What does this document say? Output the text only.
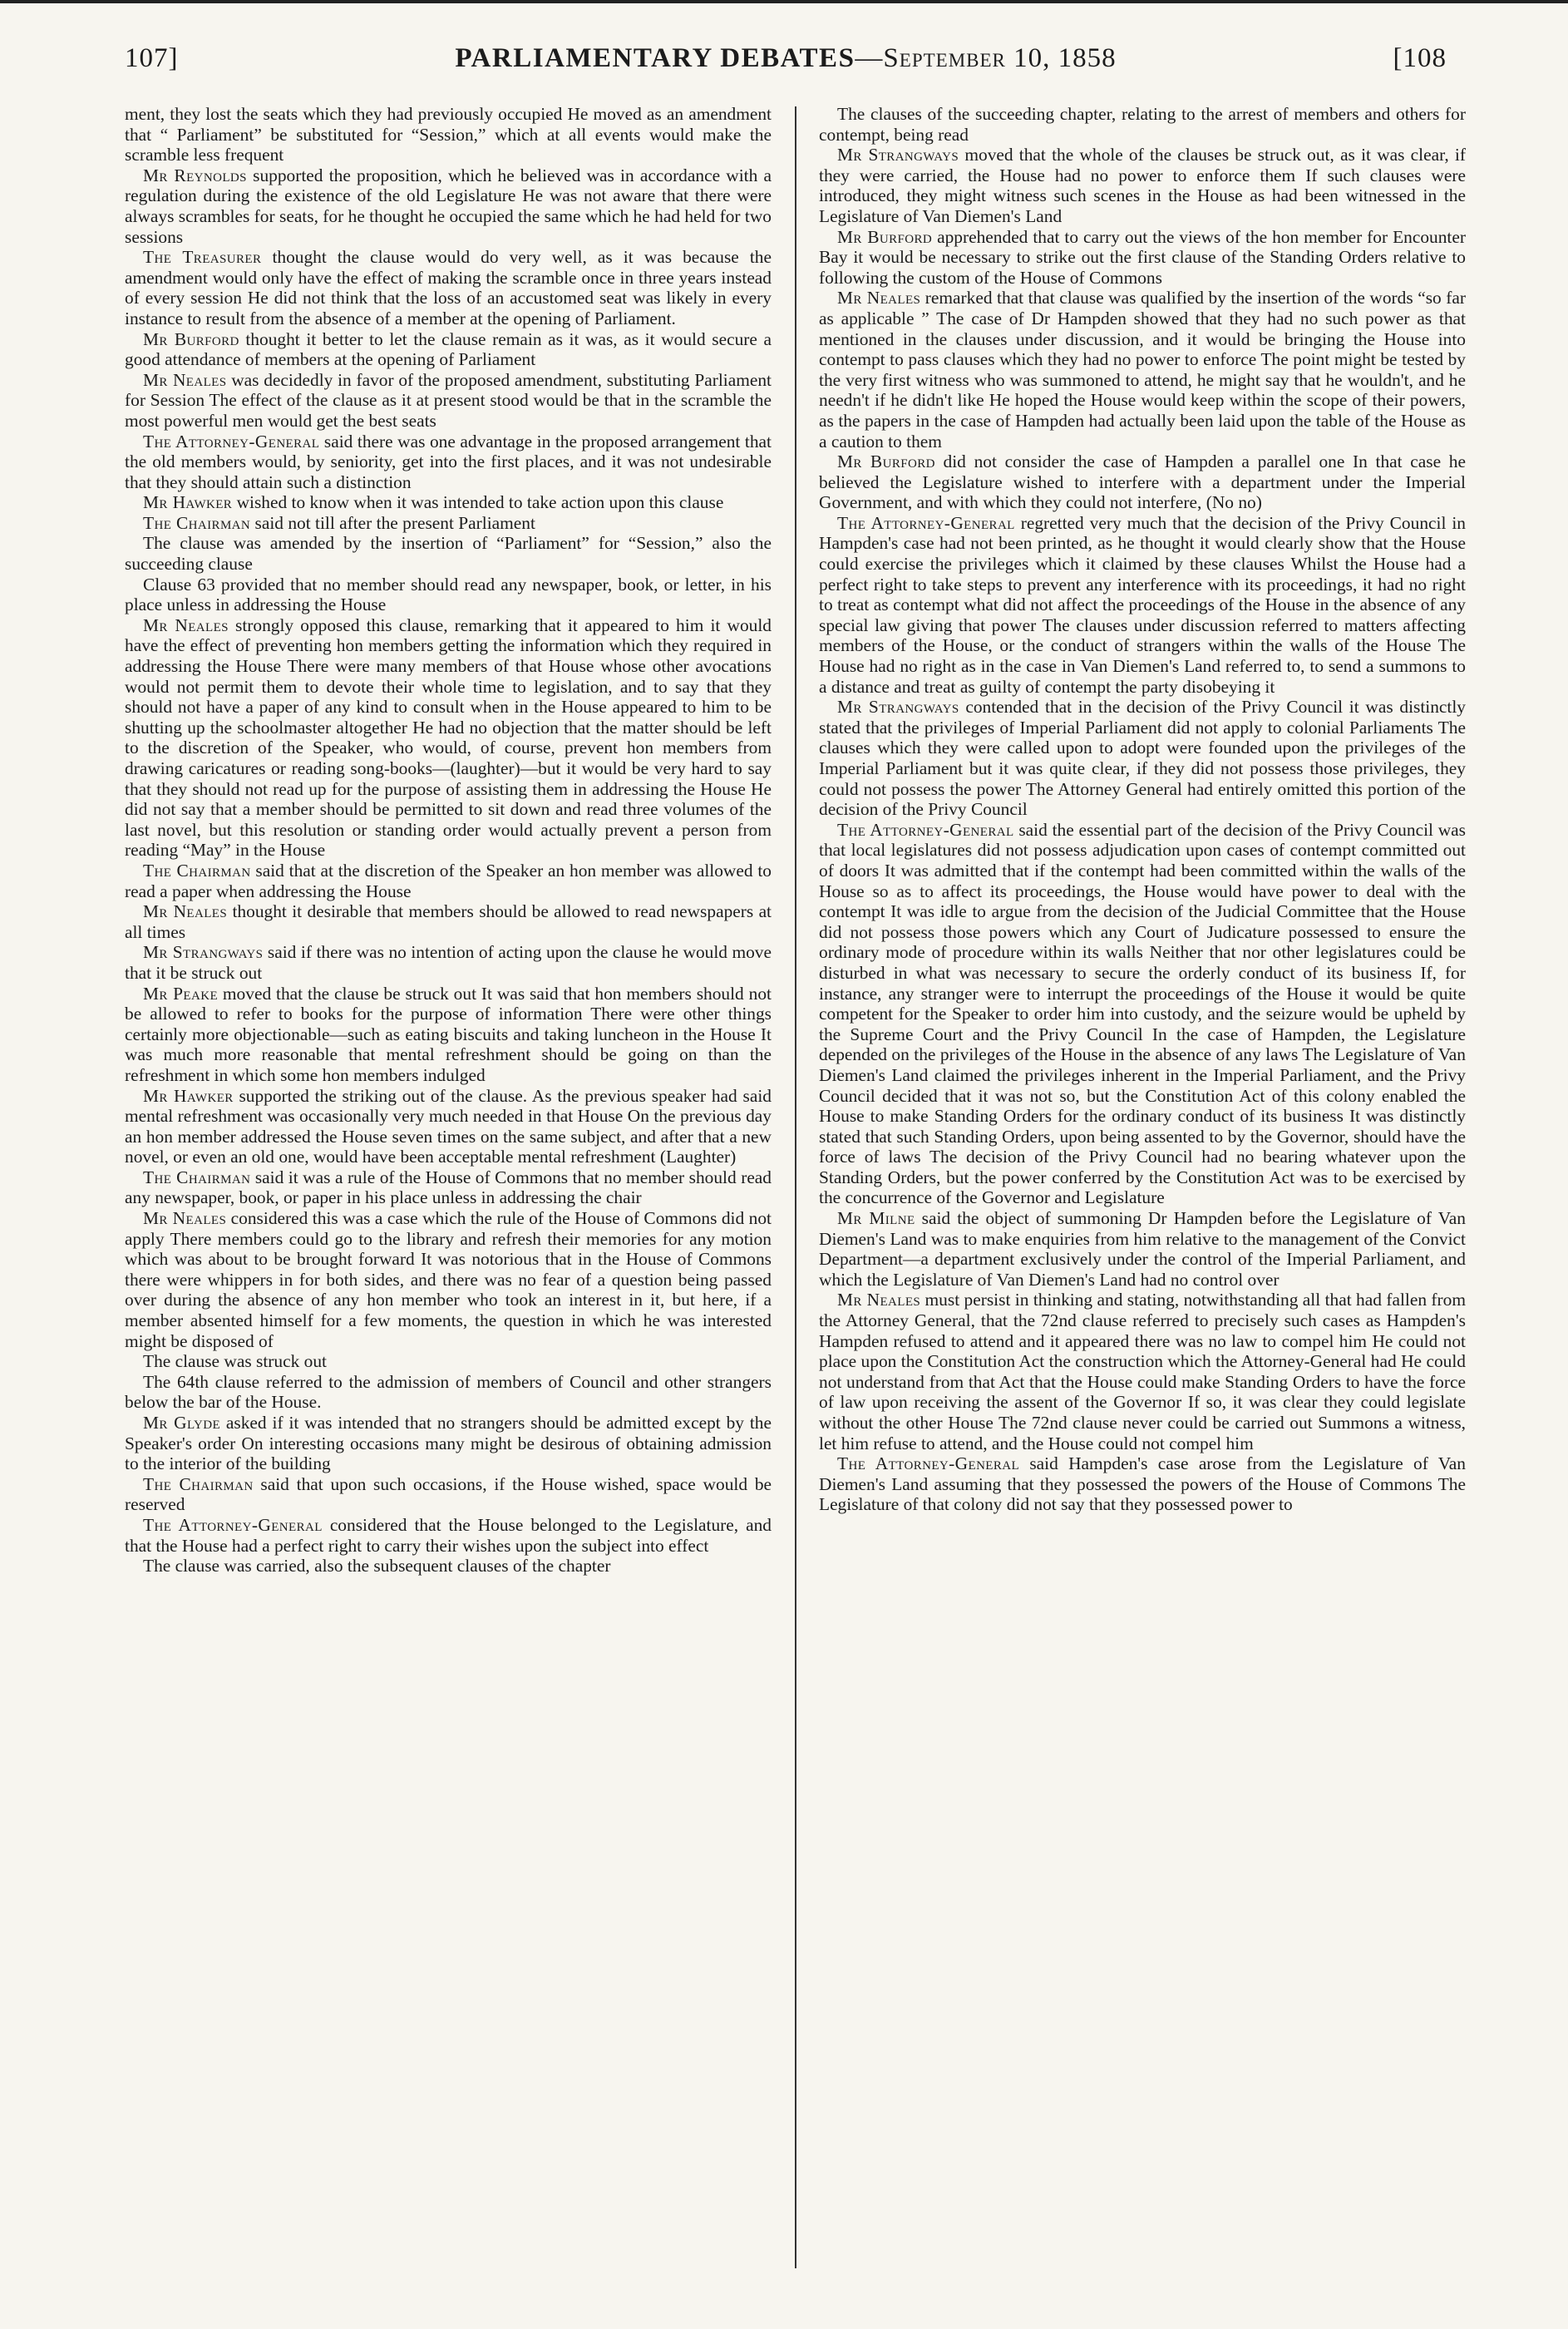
107]	PARLIAMENTARY DEBATES—September 10, 1858	[108

ment, they lost the seats which they had previously occupied He moved as an amendment that “ Parliament” be substituted for “Session,” which at all events would make the scramble less frequent

Mr Reynolds supported the proposition, which he believed was in accordance with a regulation during the existence of the old Legislature He was not aware that there were always scrambles for seats, for he thought he occupied the same which he had held for two sessions

The Treasurer thought the clause would do very well, as it was because the amendment would only have the effect of making the scramble once in three years instead of every session He did not think that the loss of an accustomed seat was likely in every instance to result from the absence of a member at the opening of Parliament.

Mr Burford thought it better to let the clause remain as it was, as it would secure a good attendance of members at the opening of Parliament

Mr Neales was decidedly in favor of the proposed amendment, substituting Parliament for Session The effect of the clause as it at present stood would be that in the scramble the most powerful men would get the best seats

The Attorney-General said there was one advantage in the proposed arrangement that the old members would, by seniority, get into the first places, and it was not undesirable that they should attain such a distinction

Mr Hawker wished to know when it was intended to take action upon this clause

The Chairman said not till after the present Parliament

The clause was amended by the insertion of “Parliament” for “Session,” also the succeeding clause

Clause 63 provided that no member should read any newspaper, book, or letter, in his place unless in addressing the House

Mr Neales strongly opposed this clause, remarking that it appeared to him it would have the effect of preventing hon members getting the information which they required in addressing the House There were many members of that House whose other avocations would not permit them to devote their whole time to legislation, and to say that they should not have a paper of any kind to consult when in the House appeared to him to be shutting up the schoolmaster altogether He had no objection that the matter should be left to the discretion of the Speaker, who would, of course, prevent hon members from drawing caricatures or reading song-books—(laughter)—but it would be very hard to say that they should not read up for the purpose of assisting them in addressing the House He did not say that a member should be permitted to sit down and read three volumes of the last novel, but this resolution or standing order would actually prevent a person from reading “May” in the House

The Chairman said that at the discretion of the Speaker an hon member was allowed to read a paper when addressing the House

Mr Neales thought it desirable that members should be allowed to read newspapers at all times

Mr Strangways said if there was no intention of acting upon the clause he would move that it be struck out

Mr Peake moved that the clause be struck out It was said that hon members should not be allowed to refer to books for the purpose of information There were other things certainly more objectionable—such as eating biscuits and taking luncheon in the House It was much more reasonable that mental refreshment should be going on than the refreshment in which some hon members indulged

Mr Hawker supported the striking out of the clause. As the previous speaker had said mental refreshment was occasionally very much needed in that House On the previous day an hon member addressed the House seven times on the same subject, and after that a new novel, or even an old one, would have been acceptable mental refreshment (Laughter)

The Chairman said it was a rule of the House of Commons that no member should read any newspaper, book, or paper in his place unless in addressing the chair

Mr Neales considered this was a case which the rule of the House of Commons did not apply There members could go to the library and refresh their memories for any motion which was about to be brought forward It was notorious that in the House of Commons there were whippers in for both sides, and there was no fear of a question being passed over during the absence of any hon member who took an interest in it, but here, if a member absented himself for a few moments, the question in which he was interested might be disposed of

The clause was struck out

The 64th clause referred to the admission of members of Council and other strangers below the bar of the House.

Mr Glyde asked if it was intended that no strangers should be admitted except by the Speaker's order On interesting occasions many might be desirous of obtaining admission to the interior of the building

The Chairman said that upon such occasions, if the House wished, space would be reserved

The Attorney-General considered that the House belonged to the Legislature, and that the House had a perfect right to carry their wishes upon the subject into effect

The clause was carried, also the subsequent clauses of the chapter

The clauses of the succeeding chapter, relating to the arrest of members and others for contempt, being read

Mr Strangways moved that the whole of the clauses be struck out, as it was clear, if they were carried, the House had no power to enforce them If such clauses were introduced, they might witness such scenes in the House as had been witnessed in the Legislature of Van Diemen's Land

Mr Burford apprehended that to carry out the views of the hon member for Encounter Bay it would be necessary to strike out the first clause of the Standing Orders relative to following the custom of the House of Commons

Mr Neales remarked that that clause was qualified by the insertion of the words “so far as applicable ” The case of Dr Hampden showed that they had no such power as that mentioned in the clauses under discussion, and it would be bringing the House into contempt to pass clauses which they had no power to enforce The point might be tested by the very first witness who was summoned to attend, he might say that he wouldn't, and he needn't if he didn't like He hoped the House would keep within the scope of their powers, as the papers in the case of Hampden had actually been laid upon the table of the House as a caution to them

Mr Burford did not consider the case of Hampden a parallel one In that case he believed the Legislature wished to interfere with a department under the Imperial Government, and with which they could not interfere, (No no)

The Attorney-General regretted very much that the decision of the Privy Council in Hampden's case had not been printed, as he thought it would clearly show that the House could exercise the privileges which it claimed by these clauses Whilst the House had a perfect right to take steps to prevent any interference with its proceedings, it had no right to treat as contempt what did not affect the proceedings of the House in the absence of any special law giving that power The clauses under discussion referred to matters affecting members of the House, or the conduct of strangers within the walls of the House The House had no right as in the case in Van Diemen's Land referred to, to send a summons to a distance and treat as guilty of contempt the party disobeying it

Mr Strangways contended that in the decision of the Privy Council it was distinctly stated that the privileges of Imperial Parliament did not apply to colonial Parliaments The clauses which they were called upon to adopt were founded upon the privileges of the Imperial Parliament but it was quite clear, if they did not possess those privileges, they could not possess the power The Attorney General had entirely omitted this portion of the decision of the Privy Council

The Attorney-General said the essential part of the decision of the Privy Council was that local legislatures did not possess adjudication upon cases of contempt committed out of doors It was admitted that if the contempt had been committed within the walls of the House so as to affect its proceedings, the House would have power to deal with the contempt It was idle to argue from the decision of the Judicial Committee that the House did not possess those powers which any Court of Judicature possessed to ensure the ordinary mode of procedure within its walls Neither that nor other legislatures could be disturbed in what was necessary to secure the orderly conduct of its business If, for instance, any stranger were to interrupt the proceedings of the House it would be quite competent for the Speaker to order him into custody, and the seizure would be upheld by the Supreme Court and the Privy Council In the case of Hampden, the Legislature depended on the privileges of the House in the absence of any laws The Legislature of Van Diemen's Land claimed the privileges inherent in the Imperial Parliament, and the Privy Council decided that it was not so, but the Constitution Act of this colony enabled the House to make Standing Orders for the ordinary conduct of its business It was distinctly stated that such Standing Orders, upon being assented to by the Governor, should have the force of laws The decision of the Privy Council had no bearing whatever upon the Standing Orders, but the power conferred by the Constitution Act was to be exercised by the concurrence of the Governor and Legislature

Mr Milne said the object of summoning Dr Hampden before the Legislature of Van Diemen's Land was to make enquiries from him relative to the management of the Convict Department—a department exclusively under the control of the Imperial Parliament, and which the Legislature of Van Diemen's Land had no control over

Mr Neales must persist in thinking and stating, notwithstanding all that had fallen from the Attorney General, that the 72nd clause referred to precisely such cases as Hampden's Hampden refused to attend and it appeared there was no law to compel him He could not place upon the Constitution Act the construction which the Attorney-General had He could not understand from that Act that the House could make Standing Orders to have the force of law upon receiving the assent of the Governor If so, it was clear they could legislate without the other House The 72nd clause never could be carried out Summons a witness, let him refuse to attend, and the House could not compel him

The Attorney-General said Hampden's case arose from the Legislature of Van Diemen's Land assuming that they possessed the powers of the House of Commons The Legislature of that colony did not say that they possessed power to
